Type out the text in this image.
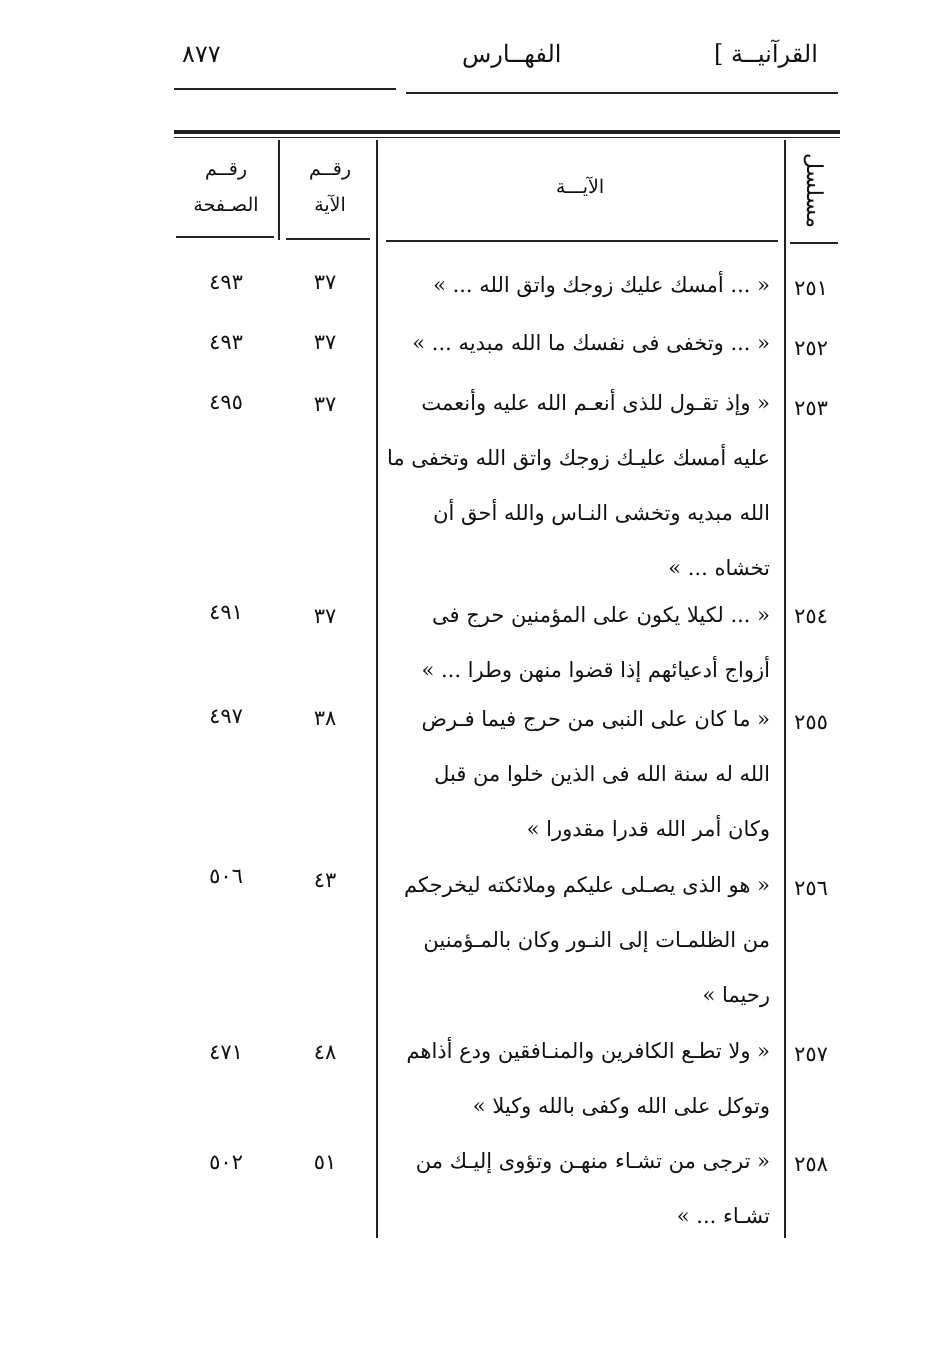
٨٧٧	الفهــارس	القرآنيــة ]
مسلسل
الآيـــة
رقــم
الآية
رقــم
الصـفحة
٢٥١
« ... أمسك عليك زوجك واتق الله ... »
٣٧
٤٩٣
٢٥٢
« ... وتخفى فى نفسك ما الله مبديه ... »
٣٧
٤٩٣
٢٥٣
« وإذ تقـول للذى أنعـم الله عليه وأنعمت عليه أمسك عليـك زوجك واتق الله وتخفى ما الله مبديه وتخشى النـاس والله أحق أن تخشاه ... »
٣٧
٤٩٥
٢٥٤
« ... لكيلا يكون على المؤمنين حرج فى أزواج أدعيائهم إذا قضوا منهن وطرا ... »
٣٧
٤٩١
٢٥٥
« ما كان على النبى من حرج فيما فـرض الله له سنة الله فى الذين خلوا من قبل وكان أمر الله قدرا مقدورا »
٣٨
٤٩٧
٢٥٦
« هو الذى يصـلى عليكم وملائكته ليخرجكم من الظلمـات إلى النـور وكان بالمـؤمنين رحيما »
٤٣
٥٠٦
٢٥٧
« ولا تطـع الكافرين والمنـافقين ودع أذاهم وتوكل على الله وكفى بالله وكيلا »
٤٨
٤٧١
٢٥٨
« ترجى من تشـاء منهـن وتؤوى إليـك من تشـاء ... »
٥١
٥٠٢
